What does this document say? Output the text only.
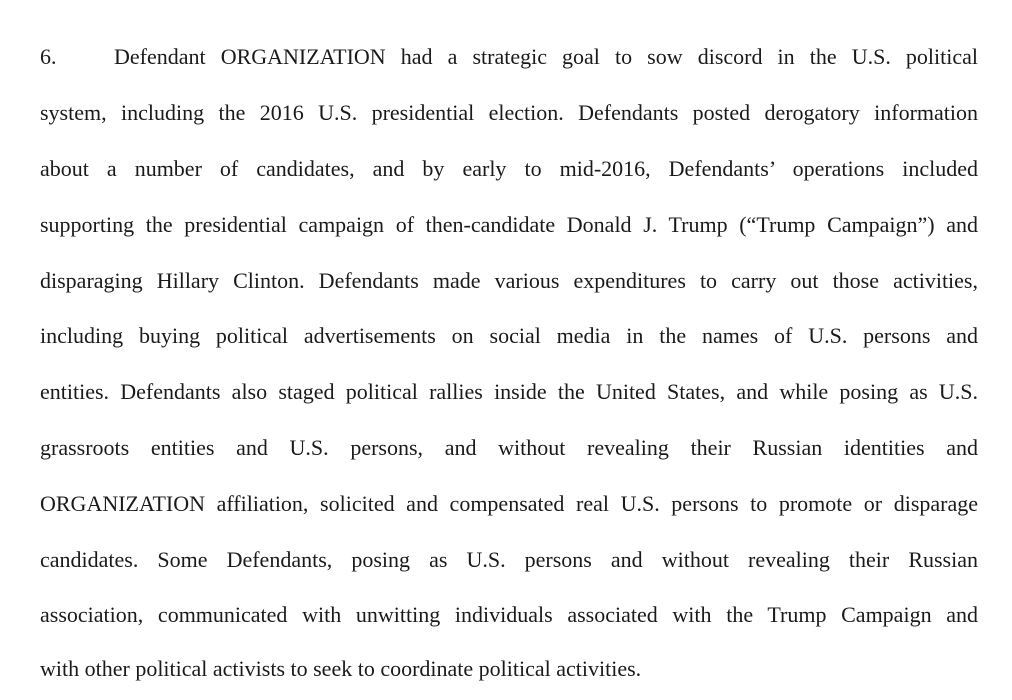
6.	Defendant ORGANIZATION had a strategic goal to sow discord in the U.S. political
system, including the 2016 U.S. presidential election. Defendants posted derogatory information
about a number of candidates, and by early to mid-2016, Defendants’ operations included
supporting the presidential campaign of then-candidate Donald J. Trump (“Trump Campaign”) and
disparaging Hillary Clinton. Defendants made various expenditures to carry out those activities,
including buying political advertisements on social media in the names of U.S. persons and
entities. Defendants also staged political rallies inside the United States, and while posing as U.S.
grassroots entities and U.S. persons, and without revealing their Russian identities and
ORGANIZATION affiliation, solicited and compensated real U.S. persons to promote or disparage
candidates. Some Defendants, posing as U.S. persons and without revealing their Russian
association, communicated with unwitting individuals associated with the Trump Campaign and
with other political activists to seek to coordinate political activities.
